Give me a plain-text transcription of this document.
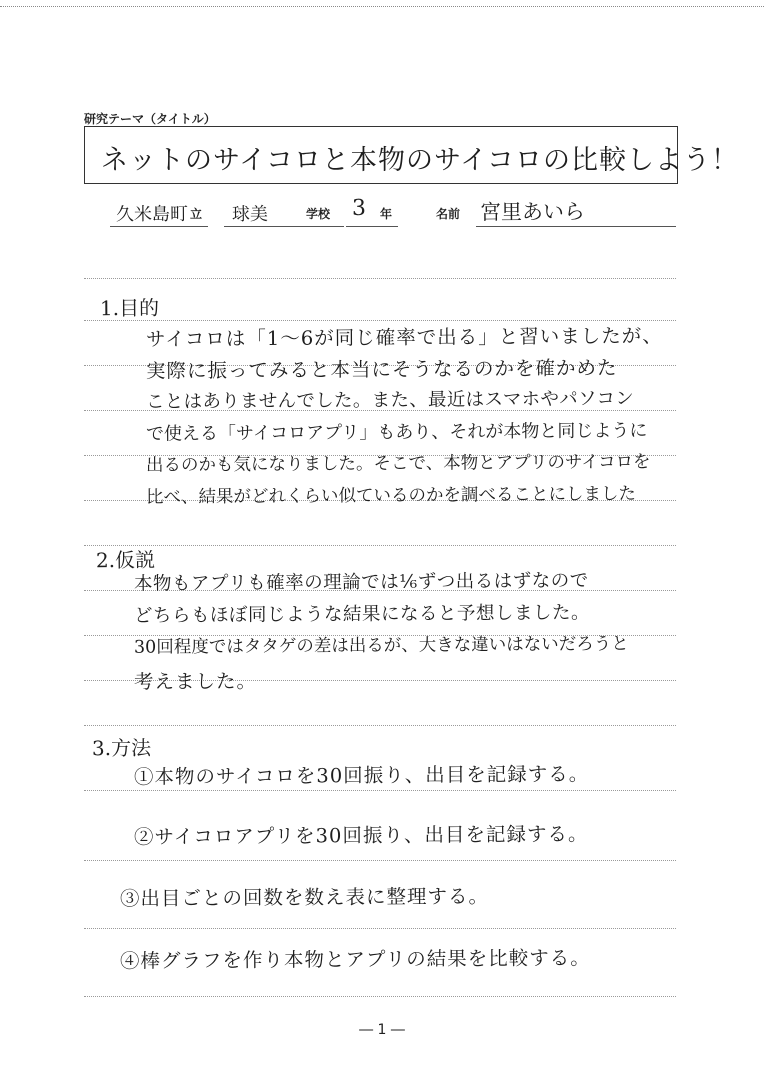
研究テーマ（タイトル）
ネットのサイコロと本物のサイコロの比較しよう！
久米島町 立 球美	学校 3 年	名前 宮里あいら
1.目的
サイコロは「1～6が同じ確率で出る」と習いましたが、
実際に振ってみると本当にそうなるのかを確かめた
ことはありませんでした。また、最近はスマホやパソコン
で使える「サイコロアプリ」もあり、それが本物と同じように
出るのかも気になりました。そこで、本物とアプリのサイコロを
比べ、結果がどれくらい似ているのかを調べることにしました
2.仮説
本物もアプリも確率の理論では⅙ずつ出るはずなので
どちらもほぼ同じような結果になると予想しました。
30回程度ではタタゲの差は出るが、大きな違いはないだろうと
考えました。
3.方法
①本物のサイコロを30回振り、出目を記録する。
②サイコロアプリを30回振り、出目を記録する。
③出目ごとの回数を数え表に整理する。
④棒グラフを作り本物とアプリの結果を比較する。
― 1 ―
